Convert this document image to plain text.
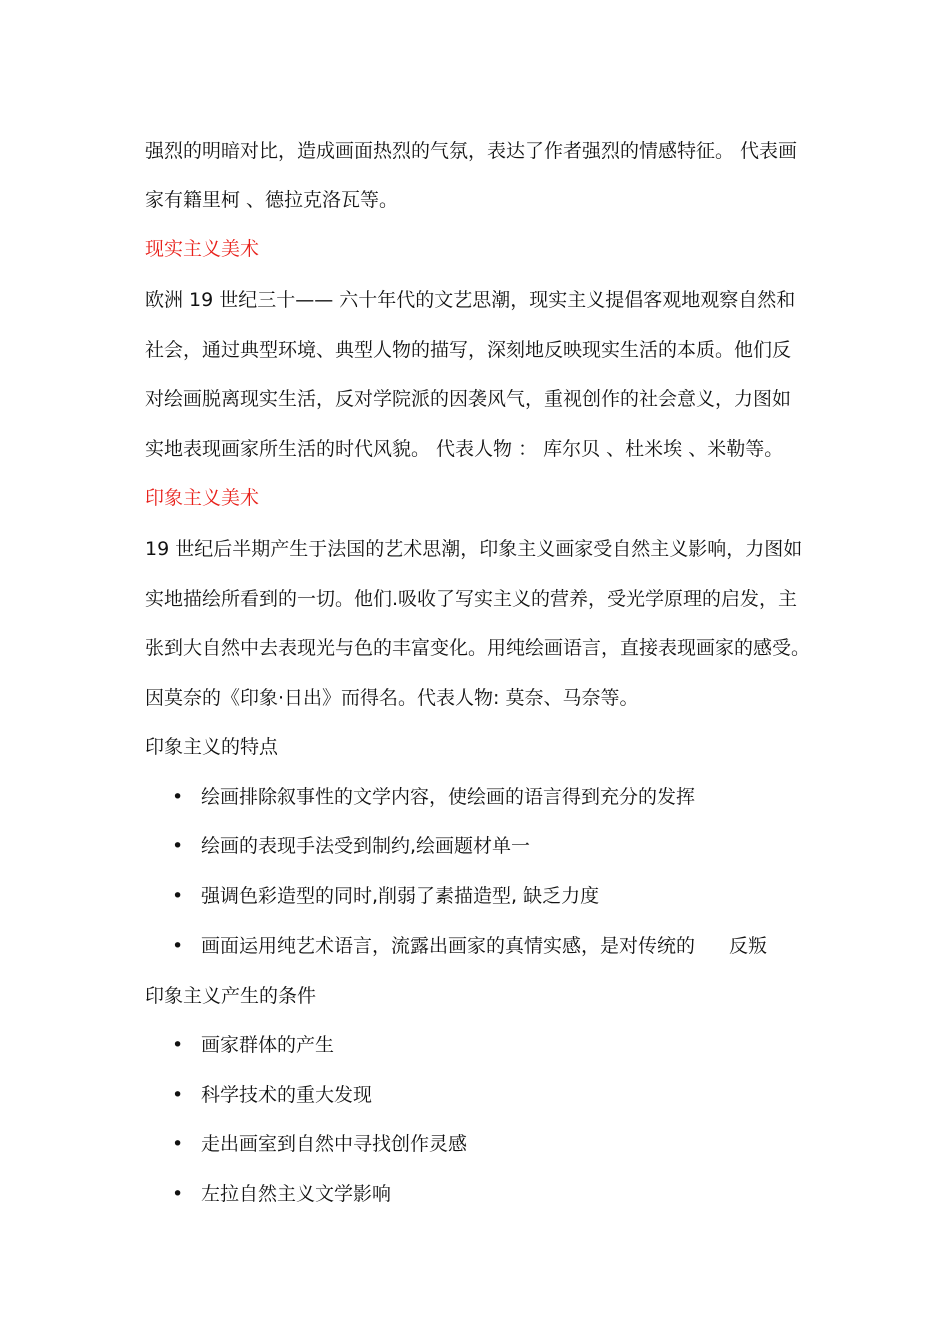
强烈的明暗对比，造成画面热烈的气氛，表达了作者强烈的情感特征。 代表画
家有籍里柯 、德拉克洛瓦等。
现实主义美术
欧洲 19 世纪三十—— 六十年代的文艺思潮，现实主义提倡客观地观察自然和
社会，通过典型环境、典型人物的描写，深刻地反映现实生活的本质。他们反
对绘画脱离现实生活，反对学院派的因袭风气，重视创作的社会意义，力图如
实地表现画家所生活的时代风貌。 代表人物 ： 库尔贝 、杜米埃 、米勒等。
印象主义美术
19 世纪后半期产生于法国的艺术思潮，印象主义画家受自然主义影响，力图如
实地描绘所看到的一切。他们.吸收了写实主义的营养，受光学原理的启发，主
张到大自然中去表现光与色的丰富变化。用纯绘画语言，直接表现画家的感受。
因莫奈的《印象·日出》而得名。代表人物: 莫奈、马奈等。
印象主义的特点
• 绘画排除叙事性的文学内容，使绘画的语言得到充分的发挥
• 绘画的表现手法受到制约,绘画题材单一
• 强调色彩造型的同时,削弱了素描造型, 缺乏力度
• 画面运用纯艺术语言，流露出画家的真情实感，是对传统的 反叛
印象主义产生的条件
• 画家群体的产生
• 科学技术的重大发现
• 走出画室到自然中寻找创作灵感
• 左拉自然主义文学影响
